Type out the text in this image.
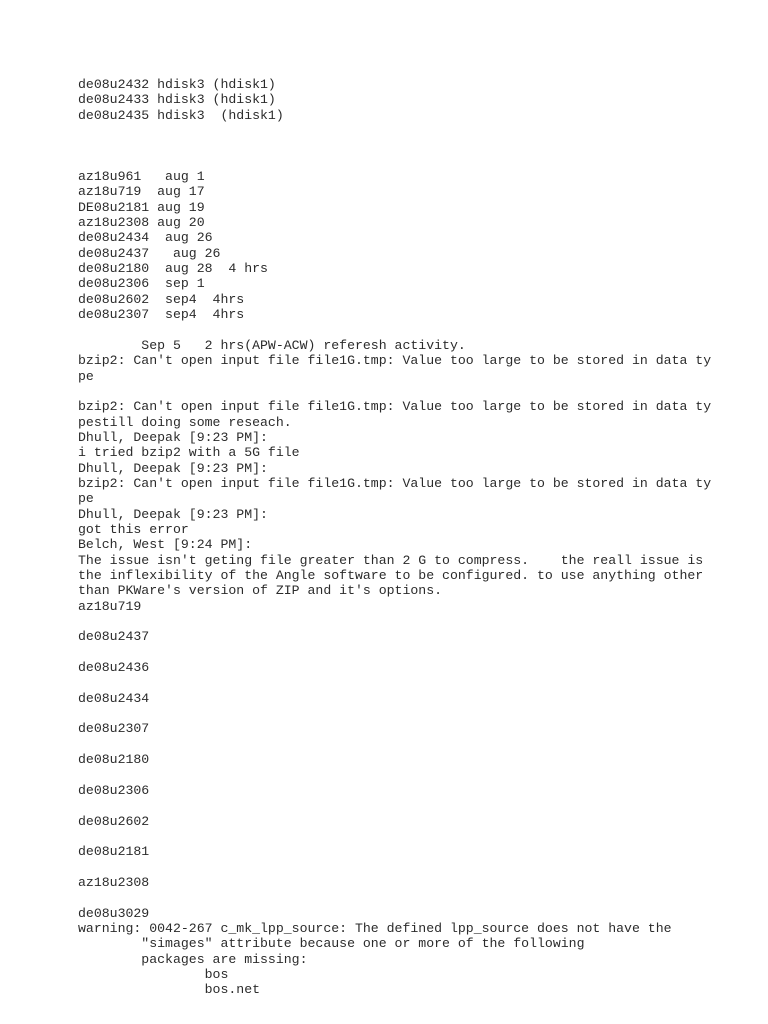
de08u2432 hdisk3 (hdisk1)
de08u2433 hdisk3 (hdisk1)
de08u2435 hdisk3  (hdisk1)
az18u961   aug 1
az18u719  aug 17
DE08u2181 aug 19
az18u2308 aug 20
de08u2434  aug 26
de08u2437   aug 26
de08u2180  aug 28  4 hrs
de08u2306  sep 1
de08u2602  sep4  4hrs
de08u2307  sep4  4hrs
Sep 5   2 hrs(APW-ACW) referesh activity.
bzip2: Can't open input file file1G.tmp: Value too large to be stored in data ty
pe
bzip2: Can't open input file file1G.tmp: Value too large to be stored in data ty
pestill doing some reseach.
Dhull, Deepak [9:23 PM]:
i tried bzip2 with a 5G file
Dhull, Deepak [9:23 PM]:
bzip2: Can't open input file file1G.tmp: Value too large to be stored in data ty
pe
Dhull, Deepak [9:23 PM]:
got this error
Belch, West [9:24 PM]:
The issue isn't geting file greater than 2 G to compress.    the reall issue is
the inflexibility of the Angle software to be configured. to use anything other
than PKWare's version of ZIP and it's options.
az18u719
de08u2437
de08u2436
de08u2434
de08u2307
de08u2180
de08u2306
de08u2602
de08u2181
az18u2308
de08u3029
warning: 0042-267 c_mk_lpp_source: The defined lpp_source does not have the
"simages" attribute because one or more of the following
packages are missing:
bos
bos.net
